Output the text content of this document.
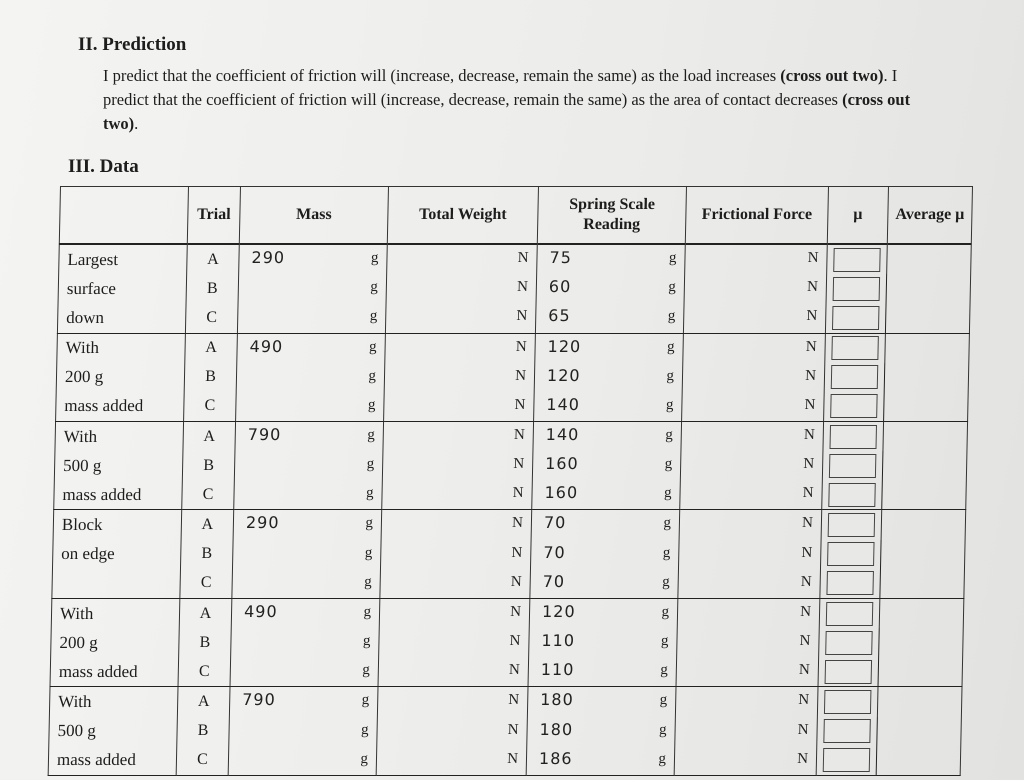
II. Prediction
I predict that the coefficient of friction will (increase, decrease, remain the same) as the load increases (cross out two). I predict that the coefficient of friction will (increase, decrease, remain the same) as the area of contact decreases (cross out two).
III. Data
	Trial	Mass	Total Weight	Spring Scale Reading	Frictional Force	μ	Average μ
Largest	A	290 g	N	75 g	N		

surface	B	g	N	60 g	N		

down	C	g	N	65 g	N		

With	A	490 g	N	120 g	N		

200 g	B	g	N	120 g	N		

mass added	C	g	N	140 g	N		

With	A	790 g	N	140 g	N		

500 g	B	g	N	160 g	N		

mass added	C	g	N	160 g	N		

Block	A	290 g	N	70 g	N		

on edge	B	g	N	70 g	N		

	C	g	N	70 g	N		

With	A	490 g	N	120 g	N		

200 g	B	g	N	110 g	N		

mass added	C	g	N	110 g	N		

With	A	790 g	N	180 g	N		

500 g	B	g	N	180 g	N		

mass added	C	g	N	186 g	N		
